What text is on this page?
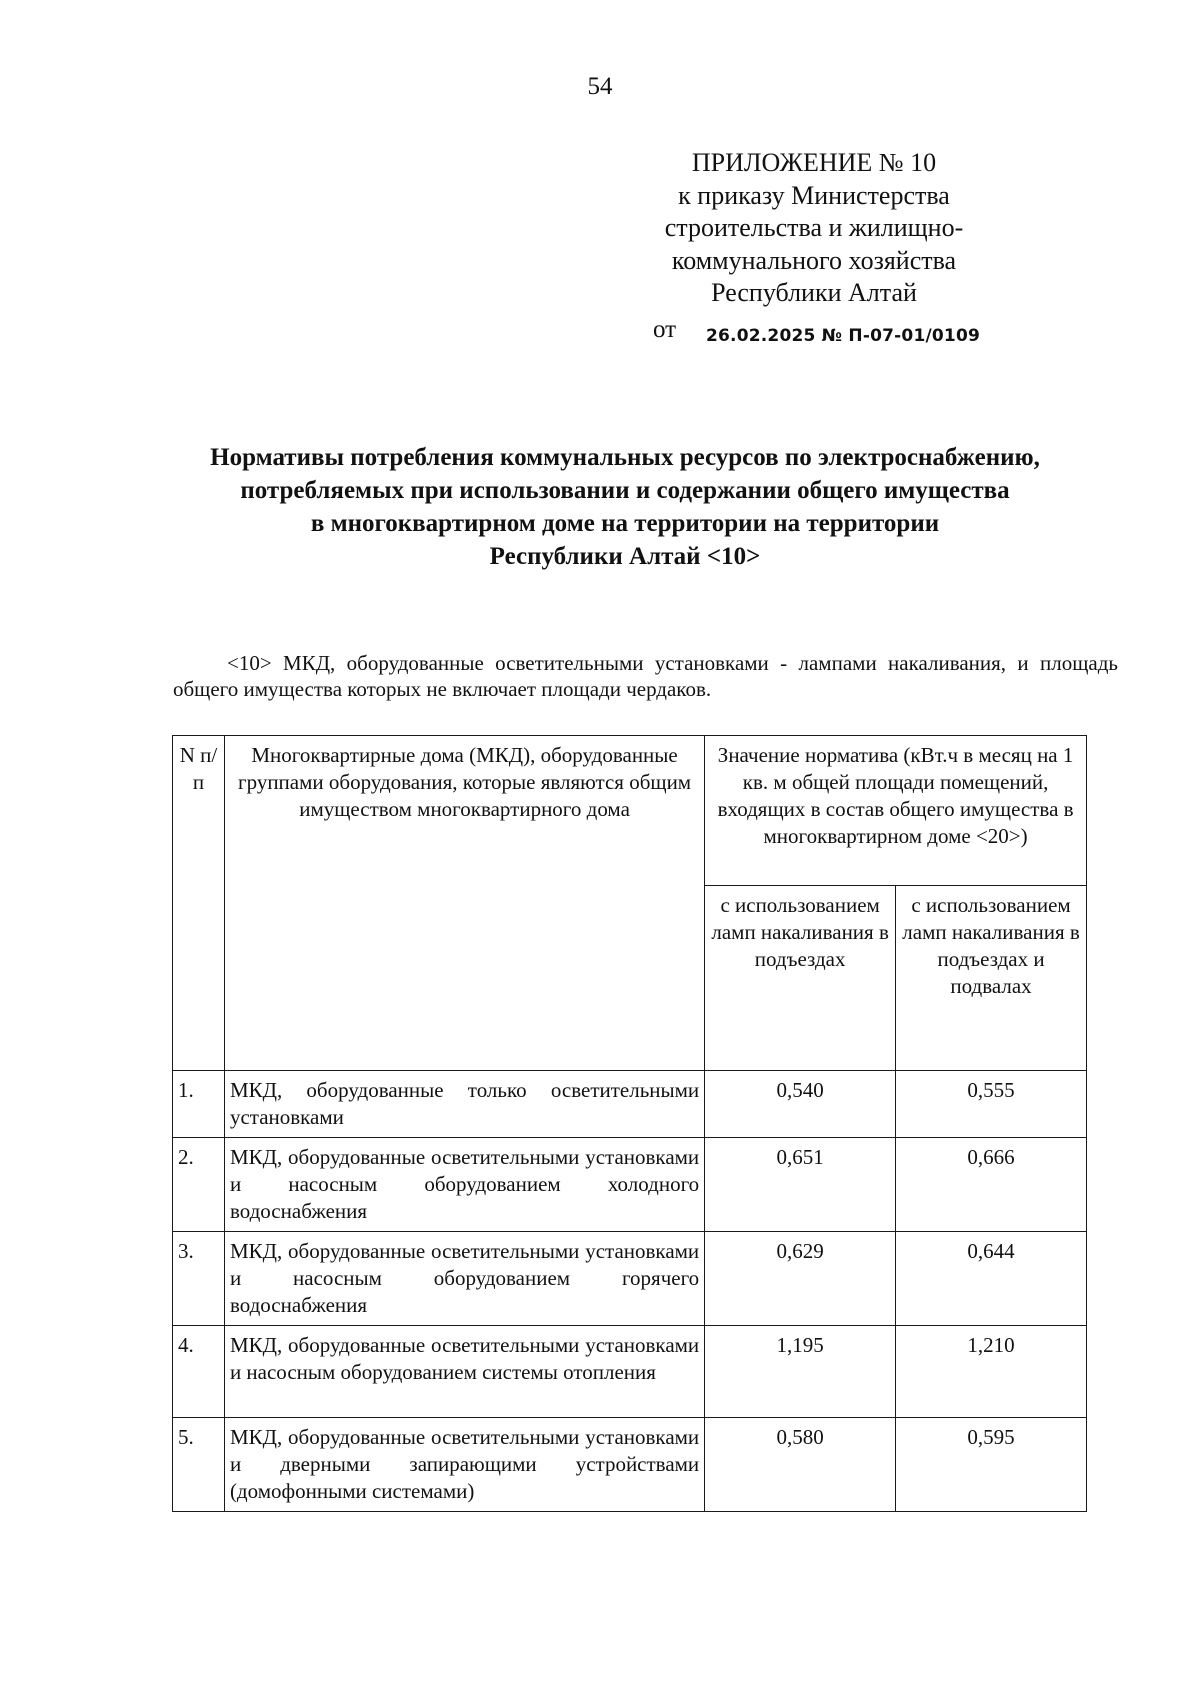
54
ПРИЛОЖЕНИЕ № 10
к приказу Министерства
строительства и жилищно-
коммунального хозяйства
Республики Алтай
от 26.02.2025 № П-07-01/0109
Нормативы потребления коммунальных ресурсов по электроснабжению,
потребляемых при использовании и содержании общего имущества
в многоквартирном доме на территории на территории
Республики Алтай <10>
<10> МКД, оборудованные осветительными установками - лампами накаливания, и площадь общего имущества которых не включает площади чердаков.
N п/п	Многоквартирные дома (МКД), оборудованные группами оборудования, которые являются общим имуществом многоквартирного дома	Значение норматива (кВт.ч в месяц на 1 кв. м общей площади помещений, входящих в состав общего имущества в многоквартирном доме <20>)	
		с использованием ламп накаливания в подъездах	с использованием ламп накаливания в подъездах и подвалах
1.	МКД, оборудованные только осветительными установками	0,540	0,555
2.	МКД, оборудованные осветительными установками и насосным оборудованием холодного водоснабжения	0,651	0,666
3.	МКД, оборудованные осветительными установками и насосным оборудованием горячего водоснабжения	0,629	0,644
4.	МКД, оборудованные осветительными установками и насосным оборудованием системы отопления	1,195	1,210
5.	МКД, оборудованные осветительными установками и дверными запирающими устройствами (домофонными системами)	0,580	0,595
